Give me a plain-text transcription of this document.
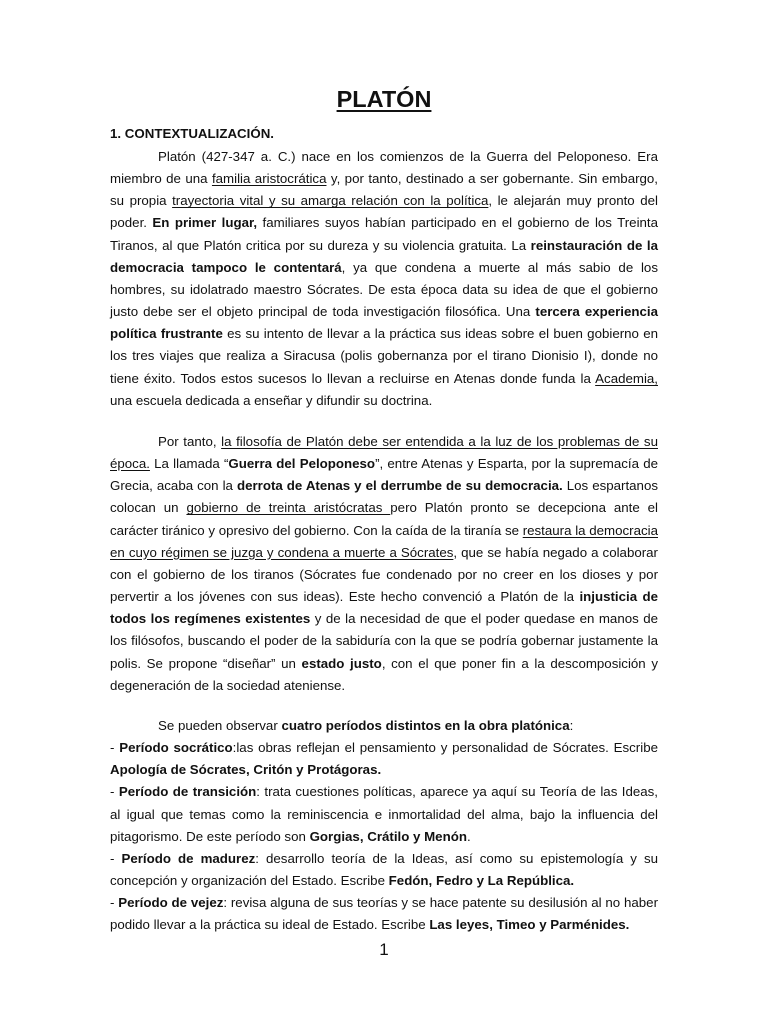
PLATÓN
1. CONTEXTUALIZACIÓN.

Platón (427-347 a. C.) nace en los comienzos de la Guerra del Peloponeso. Era miembro de una familia aristocrática y, por tanto, destinado a ser gobernante. Sin embargo, su propia trayectoria vital y su amarga relación con la política, le alejarán muy pronto del poder. En primer lugar, familiares suyos habían participado en el gobierno de los Treinta Tiranos, al que Platón critica por su dureza y su violencia gratuita. La reinstauración de la democracia tampoco le contentará, ya que condena a muerte al más sabio de los hombres, su idolatrado maestro Sócrates. De esta época data su idea de que el gobierno justo debe ser el objeto principal de toda investigación filosófica. Una tercera experiencia política frustrante es su intento de llevar a la práctica sus ideas sobre el buen gobierno en los tres viajes que realiza a Siracusa (polis gobernanza por el tirano Dionisio I), donde no tiene éxito. Todos estos sucesos lo llevan a recluirse en Atenas donde funda la Academia, una escuela dedicada a enseñar y difundir su doctrina.

Por tanto, la filosofía de Platón debe ser entendida a la luz de los problemas de su época. La llamada “Guerra del Peloponeso”, entre Atenas y Esparta, por la supremacía de Grecia, acaba con la derrota de Atenas y el derrumbe de su democracia. Los espartanos colocan un gobierno de treinta aristócratas pero Platón pronto se decepciona ante el carácter tiránico y opresivo del gobierno. Con la caída de la tiranía se restaura la democracia en cuyo régimen se juzga y condena a muerte a Sócrates, que se había negado a colaborar con el gobierno de los tiranos (Sócrates fue condenado por no creer en los dioses y por pervertir a los jóvenes con sus ideas). Este hecho convenció a Platón de la injusticia de todos los regímenes existentes y de la necesidad de que el poder quedase en manos de los filósofos, buscando el poder de la sabiduría con la que se podría gobernar justamente la polis. Se propone “diseñar” un estado justo, con el que poner fin a la descomposición y degeneración de la sociedad ateniense.

Se pueden observar cuatro períodos distintos en la obra platónica:
- Período socrático:las obras reflejan el pensamiento y personalidad de Sócrates. Escribe Apología de Sócrates, Critón y Protágoras.
- Período de transición: trata cuestiones políticas, aparece ya aquí su Teoría de las Ideas, al igual que temas como la reminiscencia e inmortalidad del alma, bajo la influencia del pitagorismo. De este período son Gorgias, Crátilo y Menón.
- Período de madurez: desarrollo teoría de la Ideas, así como su epistemología y su concepción y organización del Estado. Escribe Fedón, Fedro y La República.
- Período de vejez: revisa alguna de sus teorías y se hace patente su desilusión al no haber podido llevar a la práctica su ideal de Estado. Escribe Las leyes, Timeo y Parménides.
1
